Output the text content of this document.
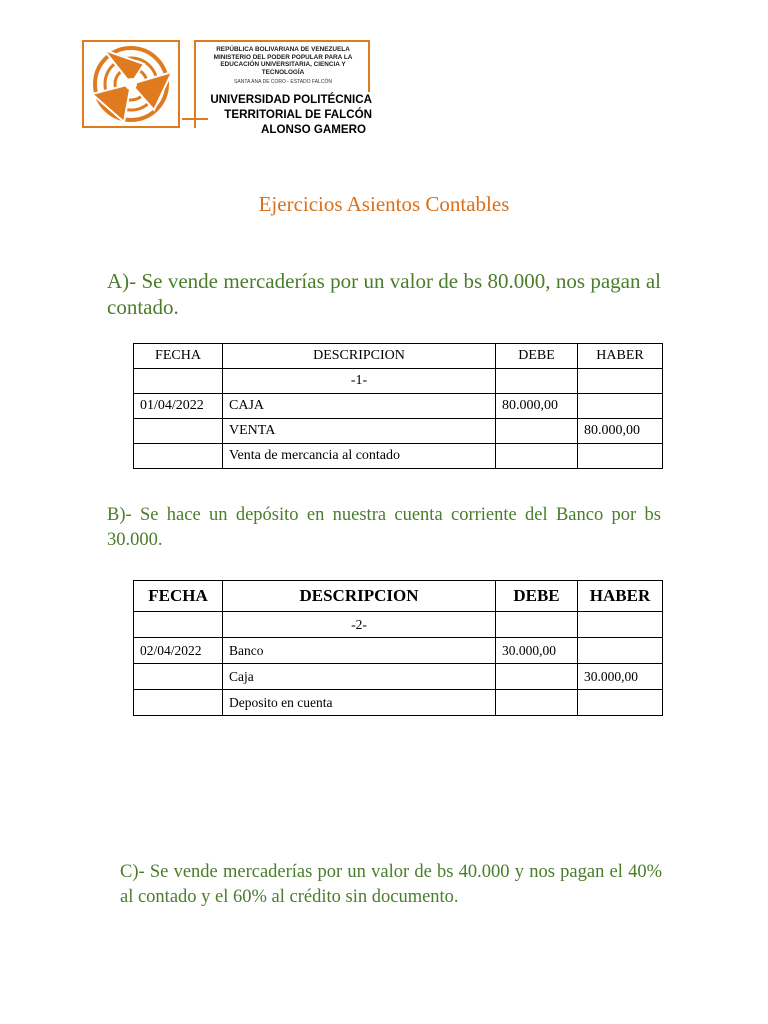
REPÚBLICA BOLIVARIANA DE VENEZUELA
MINISTERIO DEL PODER POPULAR PARA LA
EDUCACIÓN UNIVERSITARIA, CIENCIA Y TECNOLOGÍA
SANTA ANA DE CORO - ESTADO FALCÓN
UNIVERSIDAD POLITÉCNICA
TERRITORIAL DE FALCÓN
ALONSO GAMERO
Ejercicios Asientos Contables
A)- Se vende mercaderías por un valor de bs 80.000, nos pagan al contado.
FECHA	DESCRIPCION	DEBE	HABER
	-1-		
01/04/2022	CAJA	80.000,00	
	VENTA		80.000,00
	Venta de mercancia al contado		
B)- Se hace un depósito en nuestra cuenta corriente del Banco por bs 30.000.
FECHA	DESCRIPCION	DEBE	HABER
	-2-		
02/04/2022	Banco	30.000,00	
	Caja		30.000,00
	Deposito en cuenta		
C)- Se vende mercaderías por un valor de bs 40.000 y nos pagan el 40% al contado y el 60% al crédito sin documento.
